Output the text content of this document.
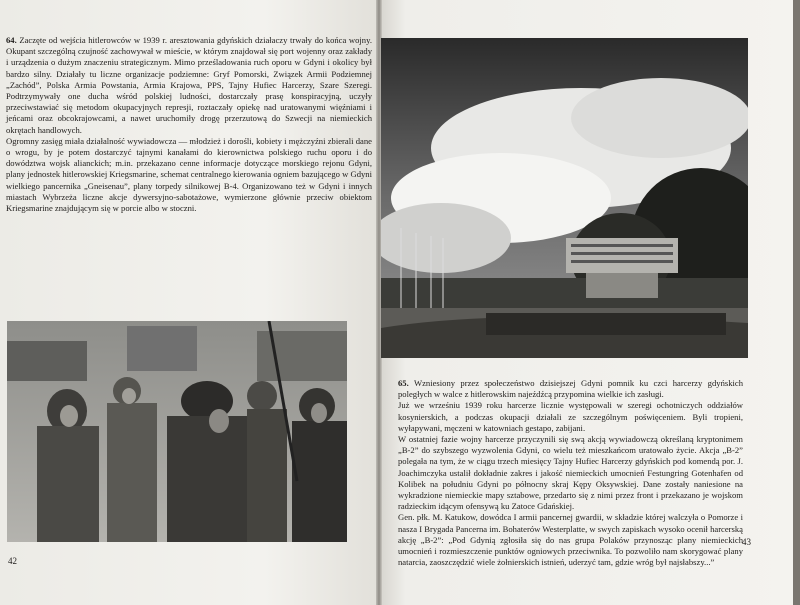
64. Zaczęte od wejścia hitlerowców w 1939 r. aresztowania gdyńskich działaczy trwały do końca wojny. Okupant szczególną czujność zachowywał w mieście, w którym znajdował się port wojenny oraz zakłady i urządzenia o dużym znaczeniu strategicznym. Mimo prześladowania ruch oporu w Gdyni i okolicy był bardzo silny. Działały tu liczne organizacje podziemne: Gryf Pomorski, Związek Armii Podziemnej „Zachód”, Polska Armia Powstania, Armia Krajowa, PPS, Tajny Hufiec Harcerzy, Szare Szeregi. Podtrzymywały one ducha wśród polskiej ludności, dostarczały prasę konspiracyjną, uczyły przeciwstawiać się metodom okupacyjnych represji, roztaczały opiekę nad uratowanymi więźniami i jeńcami oraz obcokrajowcami, a nawet uruchomiły drogę przerzutową do Szwecji na niemieckich okrętach handlowych.

Ogromny zasięg miała działalność wywiadowcza — młodzież i dorośli, kobiety i mężczyźni zbierali dane o wrogu, by je potem dostarczyć tajnymi kanałami do kierownictwa polskiego ruchu oporu i do dowództwa wojsk alianckich; m.in. przekazano cenne informacje dotyczące morskiego rejonu Gdyni, plany jednostek hitlerowskiej Kriegsmarine, schemat centralnego kierowania ogniem bazującego w Gdyni wielkiego pancernika „Gneisenau”, plany torpedy silnikowej B-4. Organizowano też w Gdyni i innych miastach Wybrzeża liczne akcje dywersyjno-sabotażowe, wymierzone głównie przeciw obiektom Kriegsmarine znajdującym się w porcie albo w stoczni.

42

65. Wzniesiony przez społeczeństwo dzisiejszej Gdyni pomnik ku czci harcerzy gdyńskich poległych w walce z hitlerowskim najeźdźcą przypomina wielkie ich zasługi.

Już we wrześniu 1939 roku harcerze licznie występowali w szeregi ochotniczych oddziałów kosynierskich, a podczas okupacji działali ze szczególnym poświęceniem. Byli tropieni, wyłapywani, męczeni w katowniach gestapo, zabijani.

W ostatniej fazie wojny harcerze przyczynili się swą akcją wywiadowczą określaną kryptonimem „B-2” do szybszego wyzwolenia Gdyni, co wielu też mieszkańcom uratowało życie. Akcja „B-2” polegała na tym, że w ciągu trzech miesięcy Tajny Hufiec Harcerzy gdyńskich pod komendą por. J. Joachimczyka ustalił dokładnie zakres i jakość niemieckich umocnień Festungring Gotenhafen od Kolibek na południu Gdyni po północny skraj Kępy Oksywskiej. Dane zostały naniesione na wykradzione niemieckie mapy sztabowe, przedarto się z nimi przez front i przekazano je wojskom radzieckim idącym ofensywą ku Zatoce Gdańskiej.

Gen. płk. M. Katukow, dowódca I armii pancernej gwardii, w składzie której walczyła o Pomorze i nasza I Brygada Pancerna im. Bohaterów Westerplatte, w swych zapiskach wysoko ocenił harcerską akcję „B-2”: „Pod Gdynią zgłosiła się do nas grupa Polaków przynosząc plany niemieckich umocnień i rozmieszczenie punktów ogniowych przeciwnika. To pozwoliło nam skorygować plany natarcia, zaoszczędzić wiele żołnierskich istnień, uderzyć tam, gdzie wróg był najsłabszy...”

43
